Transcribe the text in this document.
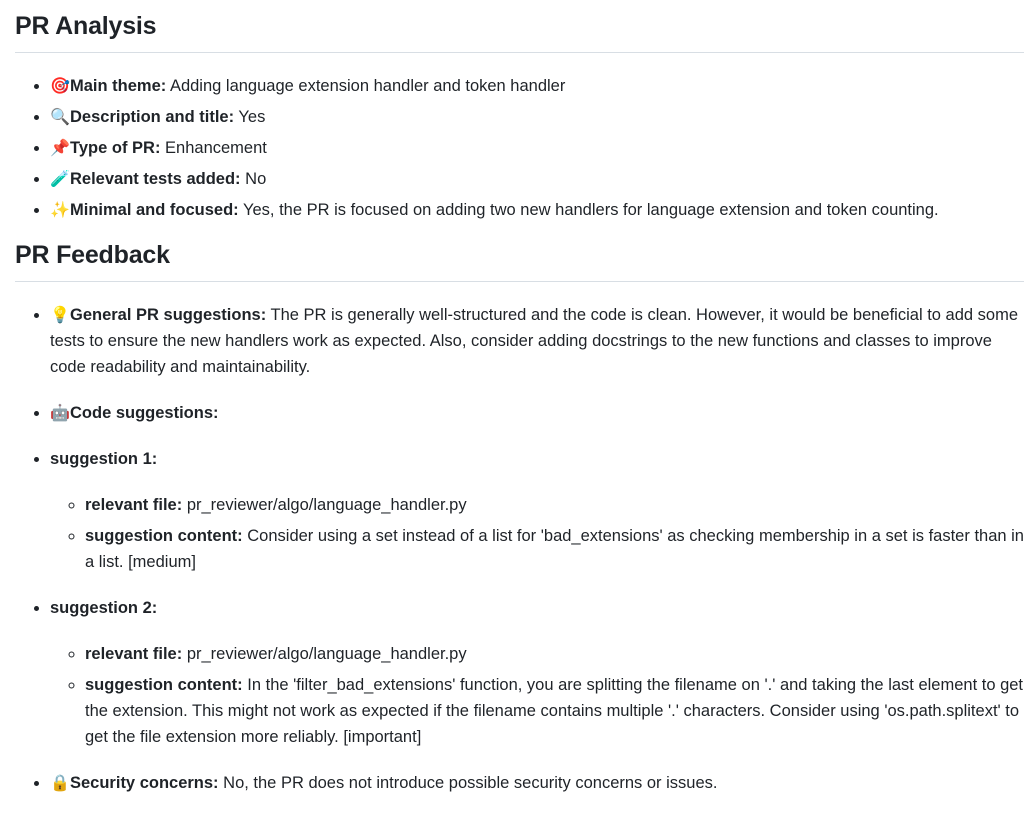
PR Analysis
• 🎯Main theme: Adding language extension handler and token handler
• 🔍Description and title: Yes
• 📌Type of PR: Enhancement
• 🧪Relevant tests added: No
• ✨Minimal and focused: Yes, the PR is focused on adding two new handlers for language extension and token counting.
PR Feedback
• 💡General PR suggestions: The PR is generally well-structured and the code is clean. However, it would be beneficial to add some tests to ensure the new handlers work as expected. Also, consider adding docstrings to the new functions and classes to improve code readability and maintainability.
• 🤖Code suggestions:
• suggestion 1:
◦ relevant file: pr_reviewer/algo/language_handler.py
◦ suggestion content: Consider using a set instead of a list for 'bad_extensions' as checking membership in a set is faster than in a list. [medium]
• suggestion 2:
◦ relevant file: pr_reviewer/algo/language_handler.py
◦ suggestion content: In the 'filter_bad_extensions' function, you are splitting the filename on '.' and taking the last element to get the extension. This might not work as expected if the filename contains multiple '.' characters. Consider using 'os.path.splitext' to get the file extension more reliably. [important]
• 🔒Security concerns: No, the PR does not introduce possible security concerns or issues.
